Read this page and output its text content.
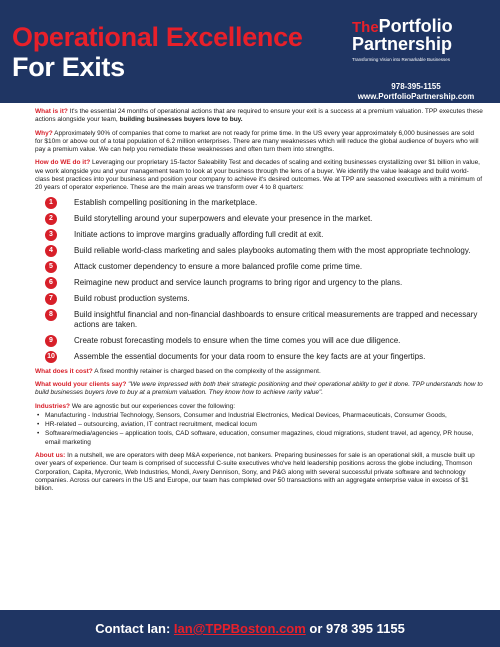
Operational Excellence
For Exits
ThePortfolio
Partnership
Transforming Vision into Remarkable Businesses
978-395-1155
www.PortfolioPartnership.com

What is it? It's the essential 24 months of operational actions that are required to ensure your exit is a success at a premium valuation. TPP executes these actions alongside your team, building businesses buyers love to buy.

Why? Approximately 90% of companies that come to market are not ready for prime time. In the US every year approximately 6,000 businesses are sold for $10m or above out of a total population of 6.2 million enterprises. There are many weaknesses which will reduce the global audience of buyers who will pay a premium value. We can help you remediate these weaknesses and often turn them into strengths.

How do WE do it? Leveraging our proprietary 15-factor Saleability Test and decades of scaling and exiting businesses crystallizing over $1 billion in value, we work alongside you and your management team to look at your business through the lens of a buyer. We identify the value leakage and build world-class best practices into your business and position your company to achieve it's desired outcomes. We at TPP are seasoned executives with a minimum of 20 years of operator experience. These are the main areas we transform over 4 to 8 quarters:

1	Establish compelling positioning in the marketplace.
2	Build storytelling around your superpowers and elevate your presence in the market.
3	Initiate actions to improve margins gradually affording full credit at exit.
4	Build reliable world-class marketing and sales playbooks automating them with the most appropriate technology.
5	Attack customer dependency to ensure a more balanced profile come prime time.
6	Reimagine new product and service launch programs to bring rigor and urgency to the plans.
7	Build robust production systems.
8	Build insightful financial and non-financial dashboards to ensure critical measurements are trapped and necessary actions are taken.
9	Create robust forecasting models to ensure when the time comes you will ace due diligence.
10 Assemble the essential documents for your data room to ensure the key facts are at your fingertips.

What does it cost? A fixed monthly retainer is charged based on the complexity of the assignment.

What would your clients say? "We were impressed with both their strategic positioning and their operational ability to get it done. TPP understands how to build businesses buyers love to buy at a premium valuation. They know how to achieve rarity value".

Industries? We are agnostic but our experiences cover the following:

• Manufacturing - Industrial Technology, Sensors, Consumer and Industrial Electronics, Medical Devices, Pharmaceuticals, Consumer Goods,
• HR-related – outsourcing, aviation, IT contract recruitment, medical locum
• Software/media/agencies – application tools, CAD software, education, consumer magazines, cloud migrations, student travel, ad agency, PR house, email marketing

About us: In a nutshell, we are operators with deep M&A experience, not bankers. Preparing businesses for sale is an operational skill, a muscle built up over years of experience. Our team is comprised of successful C-suite executives who've held leadership positions across the globe including, Thomson Corporation, Capita, Mycronic, Web Industries, Mondi, Avery Dennison, Sony, and P&G along with several successful private software and technology companies. Across our careers in the US and Europe, our team has completed over 50 transactions with an aggregate enterprise value in excess of $1 billion.

Contact Ian: Ian@TPPBoston.com or 978 395 1155
